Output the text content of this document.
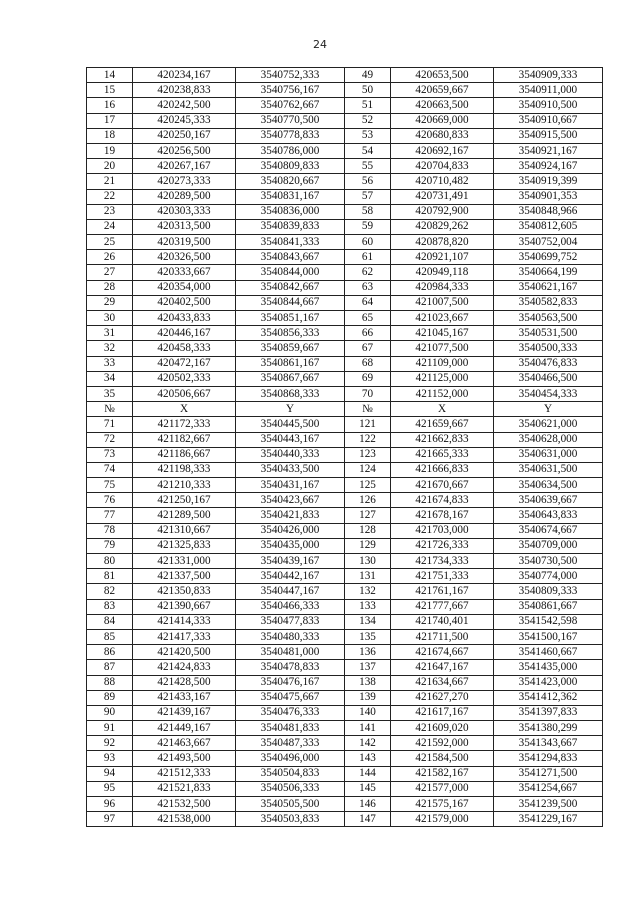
24
14	420234,167	3540752,333	49	420653,500	3540909,333
15	420238,833	3540756,167	50	420659,667	3540911,000
16	420242,500	3540762,667	51	420663,500	3540910,500
17	420245,333	3540770,500	52	420669,000	3540910,667
18	420250,167	3540778,833	53	420680,833	3540915,500
19	420256,500	3540786,000	54	420692,167	3540921,167
20	420267,167	3540809,833	55	420704,833	3540924,167
21	420273,333	3540820,667	56	420710,482	3540919,399
22	420289,500	3540831,167	57	420731,491	3540901,353
23	420303,333	3540836,000	58	420792,900	3540848,966
24	420313,500	3540839,833	59	420829,262	3540812,605
25	420319,500	3540841,333	60	420878,820	3540752,004
26	420326,500	3540843,667	61	420921,107	3540699,752
27	420333,667	3540844,000	62	420949,118	3540664,199
28	420354,000	3540842,667	63	420984,333	3540621,167
29	420402,500	3540844,667	64	421007,500	3540582,833
30	420433,833	3540851,167	65	421023,667	3540563,500
31	420446,167	3540856,333	66	421045,167	3540531,500
32	420458,333	3540859,667	67	421077,500	3540500,333
33	420472,167	3540861,167	68	421109,000	3540476,833
34	420502,333	3540867,667	69	421125,000	3540466,500
35	420506,667	3540868,333	70	421152,000	3540454,333
№	X	Y	№	X	Y
71	421172,333	3540445,500	121	421659,667	3540621,000
72	421182,667	3540443,167	122	421662,833	3540628,000
73	421186,667	3540440,333	123	421665,333	3540631,000
74	421198,333	3540433,500	124	421666,833	3540631,500
75	421210,333	3540431,167	125	421670,667	3540634,500
76	421250,167	3540423,667	126	421674,833	3540639,667
77	421289,500	3540421,833	127	421678,167	3540643,833
78	421310,667	3540426,000	128	421703,000	3540674,667
79	421325,833	3540435,000	129	421726,333	3540709,000
80	421331,000	3540439,167	130	421734,333	3540730,500
81	421337,500	3540442,167	131	421751,333	3540774,000
82	421350,833	3540447,167	132	421761,167	3540809,333
83	421390,667	3540466,333	133	421777,667	3540861,667
84	421414,333	3540477,833	134	421740,401	3541542,598
85	421417,333	3540480,333	135	421711,500	3541500,167
86	421420,500	3540481,000	136	421674,667	3541460,667
87	421424,833	3540478,833	137	421647,167	3541435,000
88	421428,500	3540476,167	138	421634,667	3541423,000
89	421433,167	3540475,667	139	421627,270	3541412,362
90	421439,167	3540476,333	140	421617,167	3541397,833
91	421449,167	3540481,833	141	421609,020	3541380,299
92	421463,667	3540487,333	142	421592,000	3541343,667
93	421493,500	3540496,000	143	421584,500	3541294,833
94	421512,333	3540504,833	144	421582,167	3541271,500
95	421521,833	3540506,333	145	421577,000	3541254,667
96	421532,500	3540505,500	146	421575,167	3541239,500
97	421538,000	3540503,833	147	421579,000	3541229,167
